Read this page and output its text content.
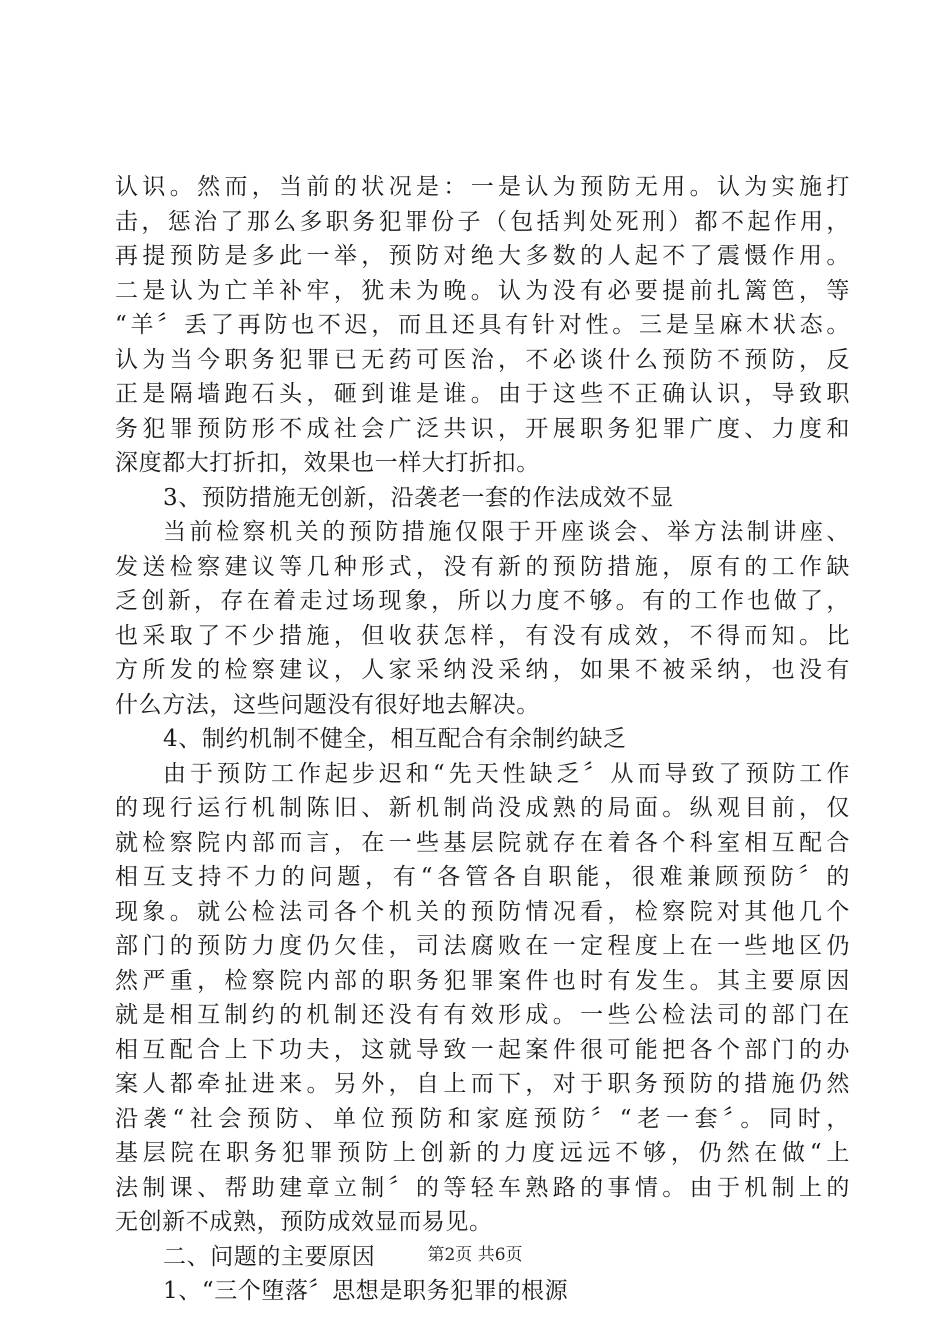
认识。然而，当前的状况是：一是认为预防无用。认为实施打
击，惩治了那么多职务犯罪份子（包括判处死刑）都不起作用，
再提预防是多此一举，预防对绝大多数的人起不了震慑作用。
二是认为亡羊补牢，犹未为晚。认为没有必要提前扎篱笆，等
“羊〞丢了再防也不迟，而且还具有针对性。三是呈麻木状态。
认为当今职务犯罪已无药可医治，不必谈什么预防不预防，反
正是隔墙跑石头，砸到谁是谁。由于这些不正确认识，导致职
务犯罪预防形不成社会广泛共识，开展职务犯罪广度、力度和
深度都大打折扣，效果也一样大打折扣。
3、预防措施无创新，沿袭老一套的作法成效不显
当前检察机关的预防措施仅限于开座谈会、举方法制讲座、
发送检察建议等几种形式，没有新的预防措施，原有的工作缺
乏创新，存在着走过场现象，所以力度不够。有的工作也做了，
也采取了不少措施，但收获怎样，有没有成效，不得而知。比
方所发的检察建议，人家采纳没采纳，如果不被采纳，也没有
什么方法，这些问题没有很好地去解决。
4、制约机制不健全，相互配合有余制约缺乏
由于预防工作起步迟和“先天性缺乏〞从而导致了预防工作
的现行运行机制陈旧、新机制尚没成熟的局面。纵观目前，仅
就检察院内部而言，在一些基层院就存在着各个科室相互配合
相互支持不力的问题，有“各管各自职能，很难兼顾预防〞的
现象。就公检法司各个机关的预防情况看，检察院对其他几个
部门的预防力度仍欠佳，司法腐败在一定程度上在一些地区仍
然严重，检察院内部的职务犯罪案件也时有发生。其主要原因
就是相互制约的机制还没有有效形成。一些公检法司的部门在
相互配合上下功夫，这就导致一起案件很可能把各个部门的办
案人都牵扯进来。另外，自上而下，对于职务预防的措施仍然
沿袭“社会预防、单位预防和家庭预防〞“老一套〞。同时，
基层院在职务犯罪预防上创新的力度远远不够，仍然在做“上
法制课、帮助建章立制〞的等轻车熟路的事情。由于机制上的
无创新不成熟，预防成效显而易见。
二、问题的主要原因
1、“三个堕落〞思想是职务犯罪的根源
第2页 共6页
